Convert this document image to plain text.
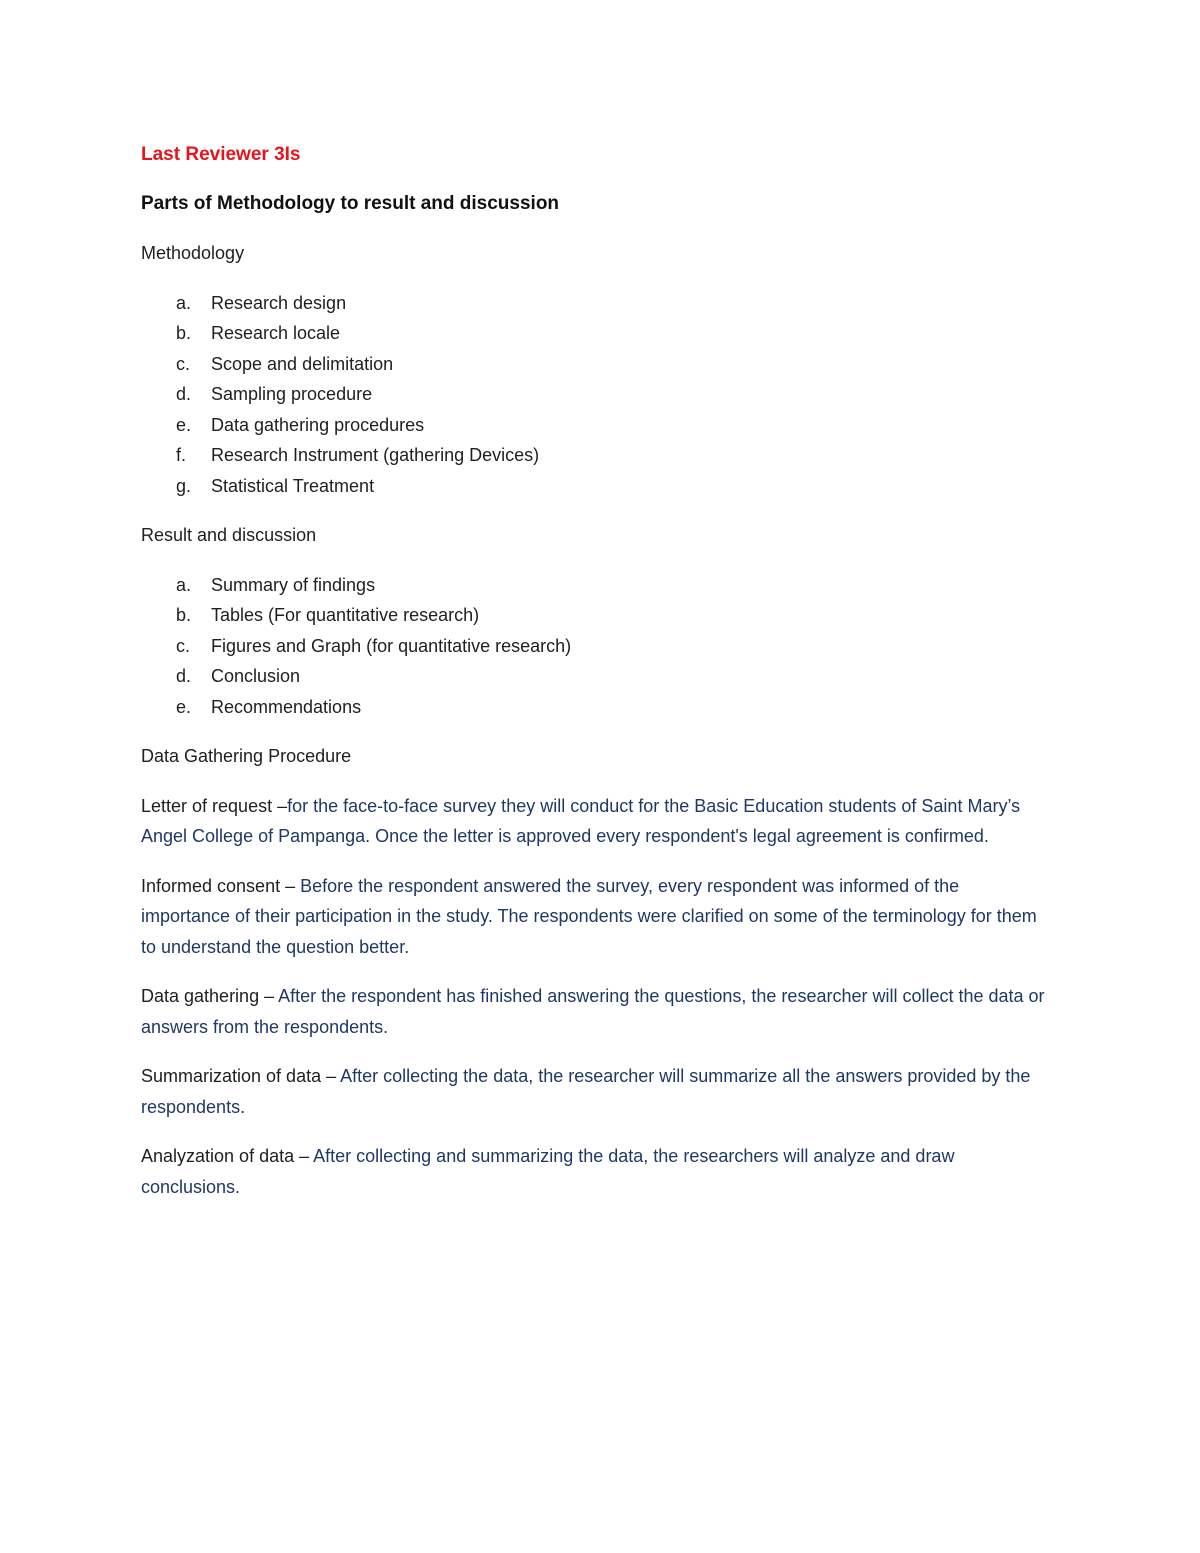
Last Reviewer 3Is
Parts of Methodology to result and discussion
Methodology
a. Research design
b. Research locale
c. Scope and delimitation
d. Sampling procedure
e. Data gathering procedures
f. Research Instrument (gathering Devices)
g. Statistical Treatment
Result and discussion
a. Summary of findings
b. Tables (For quantitative research)
c. Figures and Graph (for quantitative research)
d. Conclusion
e. Recommendations
Data Gathering Procedure

Letter of request –for the face-to-face survey they will conduct for the Basic Education students of Saint Mary’s Angel College of Pampanga. Once the letter is approved every respondent's legal agreement is confirmed.

Informed consent – Before the respondent answered the survey, every respondent was informed of the importance of their participation in the study. The respondents were clarified on some of the terminology for them to understand the question better.

Data gathering – After the respondent has finished answering the questions, the researcher will collect the data or answers from the respondents.

Summarization of data – After collecting the data, the researcher will summarize all the answers provided by the respondents.

Analyzation of data – After collecting and summarizing the data, the researchers will analyze and draw conclusions.
